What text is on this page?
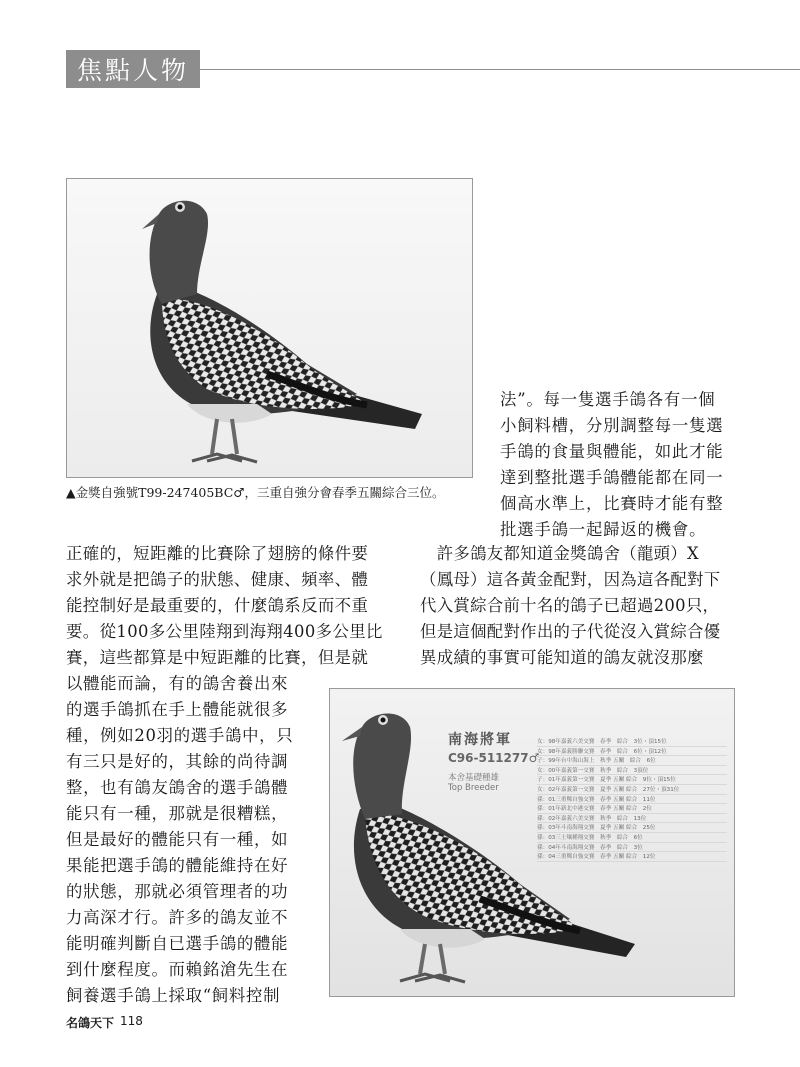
焦點人物
▲金獎自強號T99-247405BC♂，三重自強分會春季五關綜合三位。

法”。每一隻選手鴿各有一個

小飼料槽，分別調整每一隻選

手鴿的食量與體能，如此才能

達到整批選手鴿體能都在同一

個高水準上，比賽時才能有整

批選手鴿一起歸返的機會。

正確的，短距離的比賽除了翅膀的條件要

求外就是把鴿子的狀態、健康、頻率、體

能控制好是最重要的，什麼鴿系反而不重

要。從100多公里陸翔到海翔400多公里比

賽，這些都算是中短距離的比賽，但是就

　許多鴿友都知道金獎鴿舍（龍頭）X

（鳳母）這各黃金配對，因為這各配對下

代入賞綜合前十名的鴿子已超過200只，

但是這個配對作出的子代從沒入賞綜合優

異成績的事實可能知道的鴿友就沒那麼

以體能而論，有的鴿舍養出來

的選手鴿抓在手上體能就很多

種，例如20羽的選手鴿中，只

有三只是好的，其餘的尚待調

整，也有鴿友鴿舍的選手鴿體

能只有一種，那就是很糟糕，

但是最好的體能只有一種，如

果能把選手鴿的體能維持在好

的狀態，那就必須管理者的功

力高深才行。許多的鴿友並不

能明確判斷自已選手鴿的體能

到什麼程度。而賴銘滄先生在

飼養選手鴿上採取“飼料控制

南海將軍
C96-511277♂
本舍基礎種雄
Top Breeder
女：98年嘉義六美交賽　春季　綜合　3位・頂15位
女：98年嘉義勝聯交賽　春季　綜合　6位・頂12位
子：99年台中海山海上　秋季 五關　綜合　6位
女：00年嘉義第一交賽　秋季　綜合　3頂位
子：01年嘉義第一交賽　夏季 五關 綜合　9位・頂15位
女：02年嘉義第一交賽　夏季 五關 綜合　27位・頂31位
孫：01三重鄭自強交賽　春季 五關 綜合　11位
孫：01年新北中港交賽　春季 五關 綜合　2位
孫：02年嘉義六美交賽　秋季　綜合　13位
孫：03年斗南海翔交賽　夏季 五關 綜合　25位
孫：03三土壤種翔交賽　秋季　綜合　6位
孫：04年斗南海翔交賽　春季　綜合　3位
孫：04三重鄭自強交賽　春季 五關 綜合　12位
名鴿天下 118
